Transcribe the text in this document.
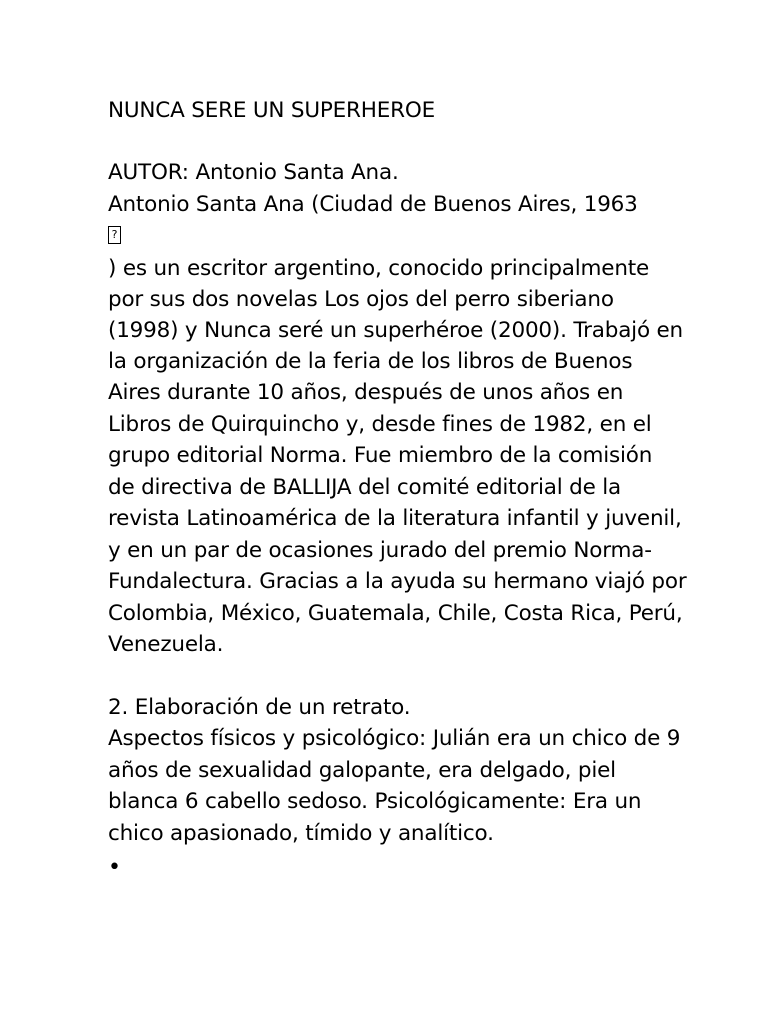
NUNCA SERE UN SUPERHEROE
AUTOR: Antonio Santa Ana.
Antonio Santa Ana (Ciudad de Buenos Aires, 1963
?
) es un escritor argentino, conocido principalmente
por sus dos novelas Los ojos del perro siberiano
(1998) y Nunca seré un superhéroe (2000). Trabajó en
la organización de la feria de los libros de Buenos
Aires durante 10 años, después de unos años en
Libros de Quirquincho y, desde fines de 1982, en el
grupo editorial Norma. Fue miembro de la comisión
de directiva de BALLIJA del comité editorial de la
revista Latinoamérica de la literatura infantil y juvenil,
y en un par de ocasiones jurado del premio Norma-
Fundalectura. Gracias a la ayuda su hermano viajó por
Colombia, México, Guatemala, Chile, Costa Rica, Perú,
Venezuela.
2. Elaboración de un retrato.
Aspectos físicos y psicológico: Julián era un chico de 9
años de sexualidad galopante, era delgado, piel
blanca 6 cabello sedoso. Psicológicamente: Era un
chico apasionado, tímido y analítico.
•
